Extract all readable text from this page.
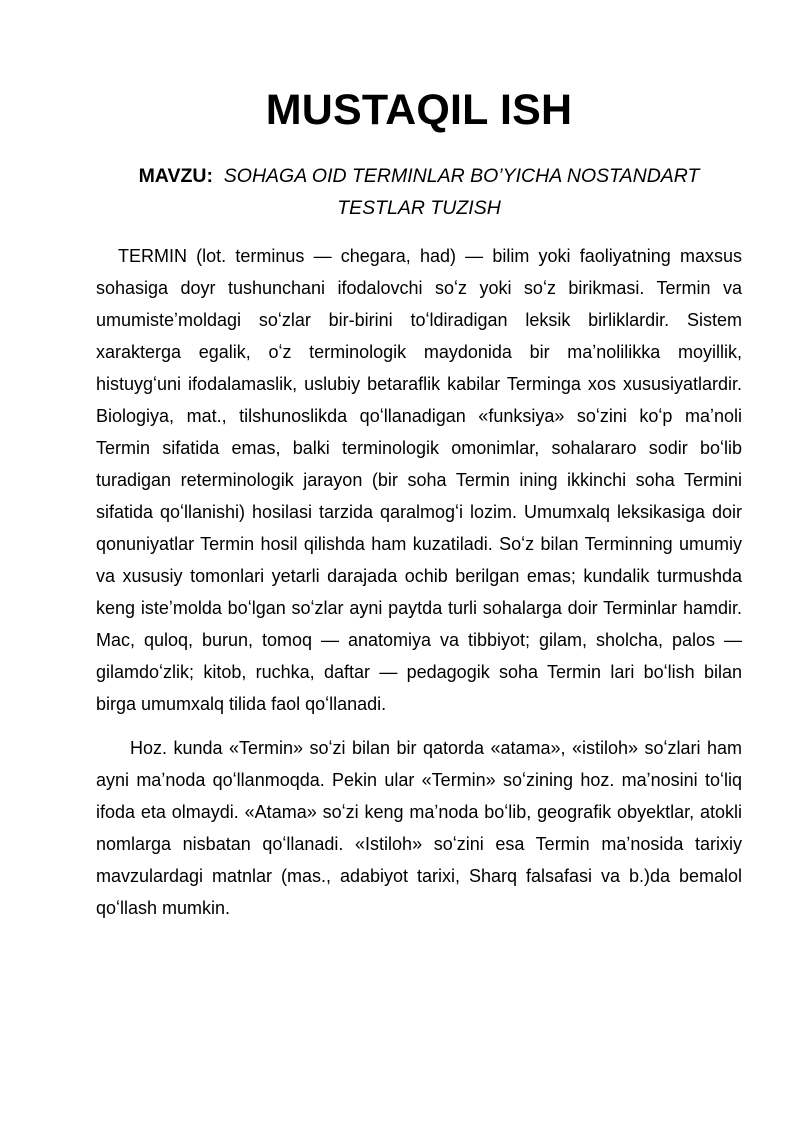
MUSTAQIL ISH
MAVZU: SOHAGA OID TERMINLAR BO’YICHA NOSTANDART TESTLAR TUZISH

TERMIN (lot. terminus — chegara, had) — bilim yoki faoliyatning maxsus sohasiga doyr tushunchani ifodalovchi soʻz yoki soʻz birikmasi. Termin va umumisteʼmoldagi soʻzlar bir-birini toʻldiradigan leksik birliklardir. Sistem xarakterga egalik, oʻz terminologik maydonida bir maʼnolilikka moyillik, histuygʻuni ifodalamaslik, uslubiy betaraflik kabilar Terminga xos xususiyatlardir. Biologiya, mat., tilshunoslikda qoʻllanadigan «funksiya» soʻzini koʻp maʼnoli Termin sifatida emas, balki terminologik omonimlar, sohalararo sodir boʻlib turadigan reterminologik jarayon (bir soha Termin ining ikkinchi soha Termini sifatida qoʻllanishi) hosilasi tarzida qaralmogʻi lozim. Umumxalq leksikasiga doir qonuniyatlar Termin hosil qilishda ham kuzatiladi. Soʻz bilan Terminning umumiy va xususiy tomonlari yetarli darajada ochib berilgan emas; kundalik turmushda keng isteʼmolda boʻlgan soʻzlar ayni paytda turli sohalarga doir Terminlar hamdir. Mac, quloq, burun, tomoq — anatomiya va tibbiyot; gilam, sholcha, palos — gilamdoʻzlik; kitob, ruchka, daftar — pedagogik soha Termin lari boʻlish bilan birga umumxalq tilida faol qoʻllanadi.

Hoz. kunda «Termin» soʻzi bilan bir qatorda «atama», «istiloh» soʻzlari ham ayni maʼnoda qoʻllanmoqda. Pekin ular «Termin» soʻzining hoz. maʼnosini toʻliq ifoda eta olmaydi. «Atama» soʻzi keng maʼnoda boʻlib, geografik obyektlar, atokli nomlarga nisbatan qoʻllanadi. «Istiloh» soʻzini esa Termin maʼnosida tarixiy mavzulardagi matnlar (mas., adabiyot tarixi, Sharq falsafasi va b.)da bemalol qoʻllash mumkin.
